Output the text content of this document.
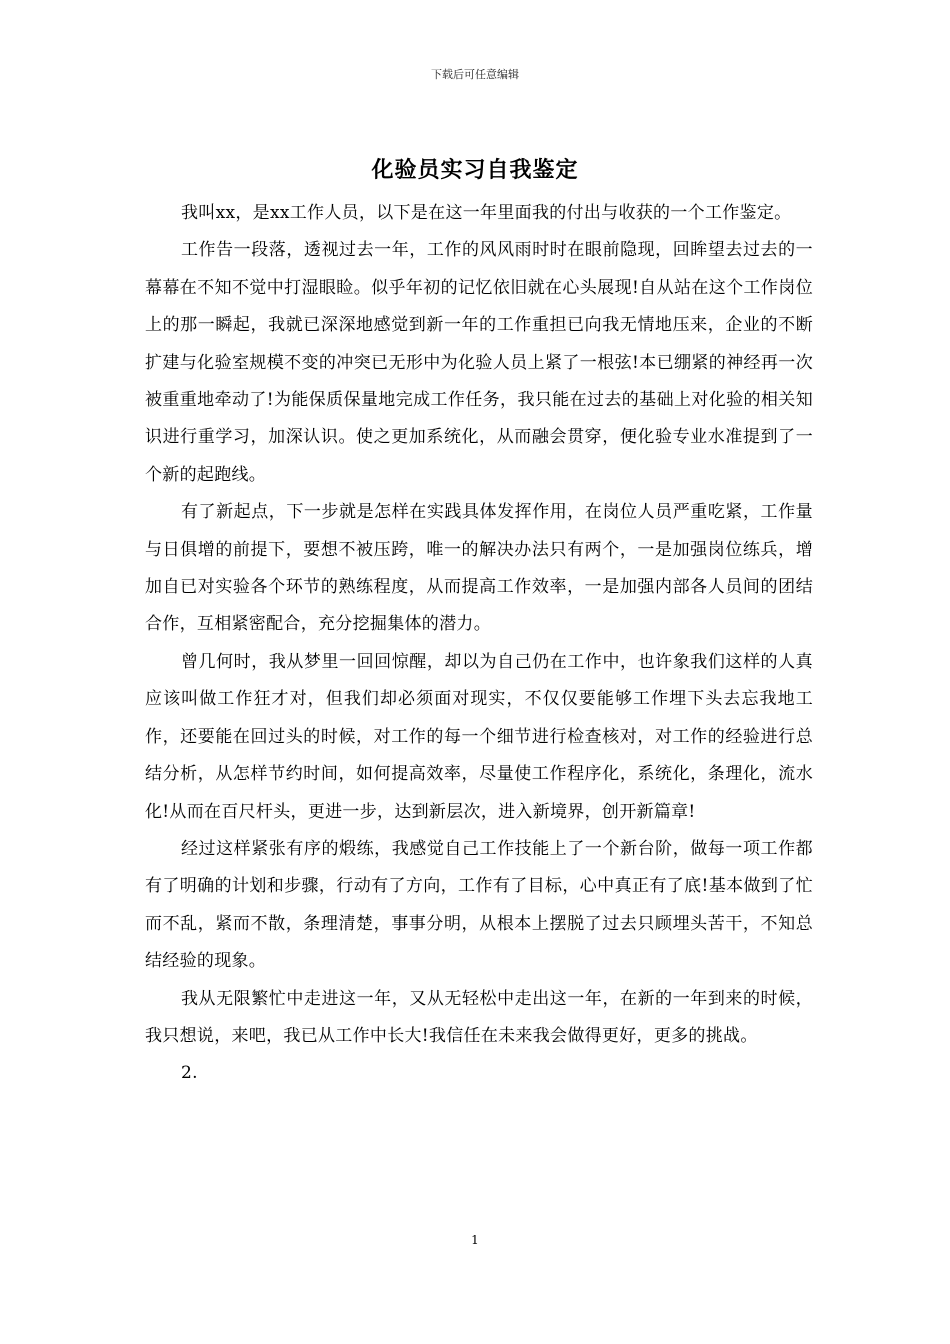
下载后可任意编辑
化验员实习自我鉴定

我叫xx，是xx工作人员，以下是在这一年里面我的付出与收获的一个工作鉴定。

工作告一段落，透视过去一年，工作的风风雨时时在眼前隐现，回眸望去过去的一幕幕在不知不觉中打湿眼睑。似乎年初的记忆依旧就在心头展现!自从站在这个工作岗位上的那一瞬起，我就已深深地感觉到新一年的工作重担已向我无情地压来，企业的不断扩建与化验室规模不变的冲突已无形中为化验人员上紧了一根弦!本已绷紧的神经再一次被重重地牵动了!为能保质保量地完成工作任务，我只能在过去的基础上对化验的相关知识进行重学习，加深认识。使之更加系统化，从而融会贯穿，便化验专业水准提到了一个新的起跑线。

有了新起点，下一步就是怎样在实践具体发挥作用，在岗位人员严重吃紧，工作量与日俱增的前提下，要想不被压跨，唯一的解决办法只有两个，一是加强岗位练兵，增加自已对实验各个环节的熟练程度，从而提高工作效率，一是加强内部各人员间的团结合作，互相紧密配合，充分挖掘集体的潜力。

曾几何时，我从梦里一回回惊醒，却以为自己仍在工作中，也许象我们这样的人真应该叫做工作狂才对，但我们却必须面对现实，不仅仅要能够工作埋下头去忘我地工作，还要能在回过头的时候，对工作的每一个细节进行检查核对，对工作的经验进行总结分析，从怎样节约时间，如何提高效率，尽量使工作程序化，系统化，条理化，流水化!从而在百尺杆头，更进一步，达到新层次，进入新境界，创开新篇章!

经过这样紧张有序的煅练，我感觉自己工作技能上了一个新台阶，做每一项工作都有了明确的计划和步骤，行动有了方向，工作有了目标，心中真正有了底!基本做到了忙而不乱，紧而不散，条理清楚，事事分明，从根本上摆脱了过去只顾埋头苦干，不知总结经验的现象。

我从无限繁忙中走进这一年，又从无轻松中走出这一年，在新的一年到来的时候，我只想说，来吧，我已从工作中长大!我信任在未来我会做得更好，更多的挑战。

2.

1
